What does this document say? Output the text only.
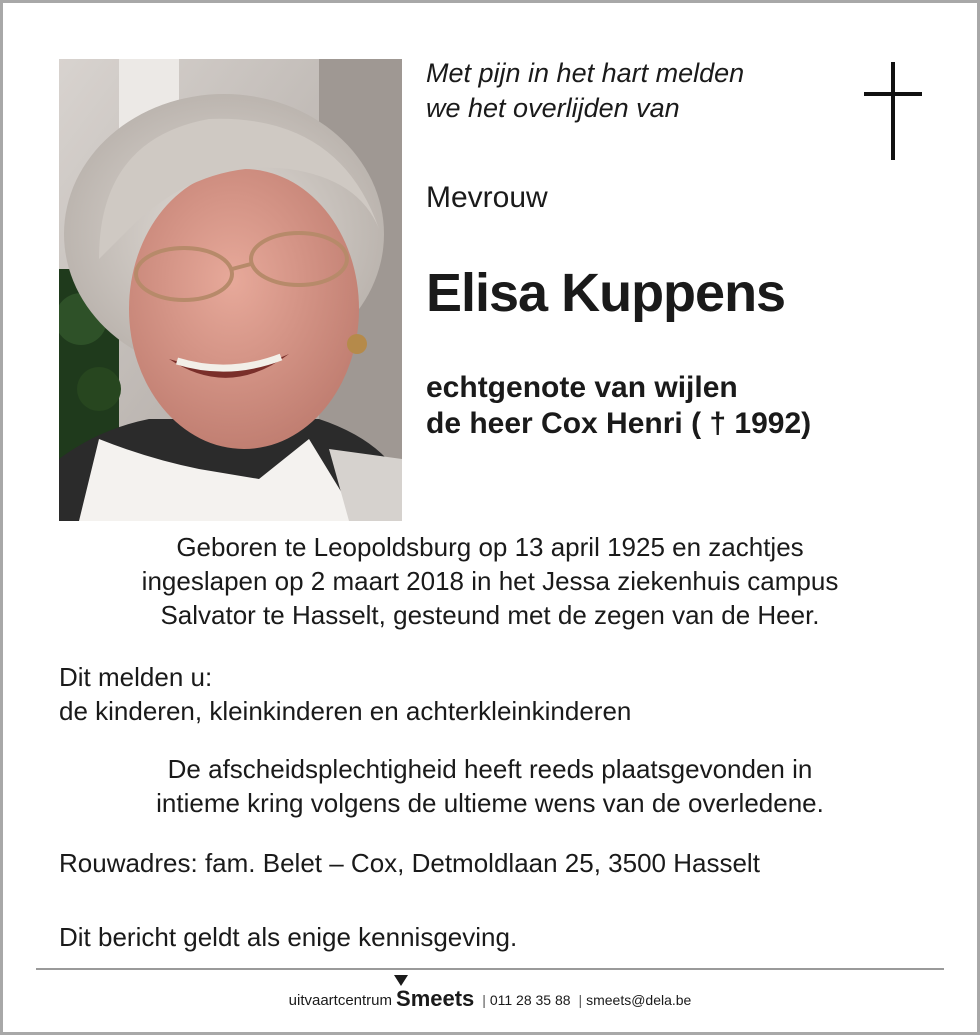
Met pijn in het hart melden
we het overlijden van
Mevrouw
Elisa Kuppens
echtgenote van wijlen
de heer Cox Henri ( † 1992)
Geboren te Leopoldsburg op 13 april 1925 en zachtjes
ingeslapen op 2 maart 2018 in het Jessa ziekenhuis campus
Salvator te Hasselt, gesteund met de zegen van de Heer.
Dit melden u:
de kinderen, kleinkinderen en achterkleinkinderen
De afscheidsplechtigheid heeft reeds plaatsgevonden in
intieme kring volgens de ultieme wens van de overledene.
Rouwadres: fam. Belet – Cox, Detmoldlaan 25, 3500 Hasselt
Dit bericht geldt als enige kennisgeving.
uitvaartcentrum Smeets | 011 28 35 88 | smeets@dela.be
